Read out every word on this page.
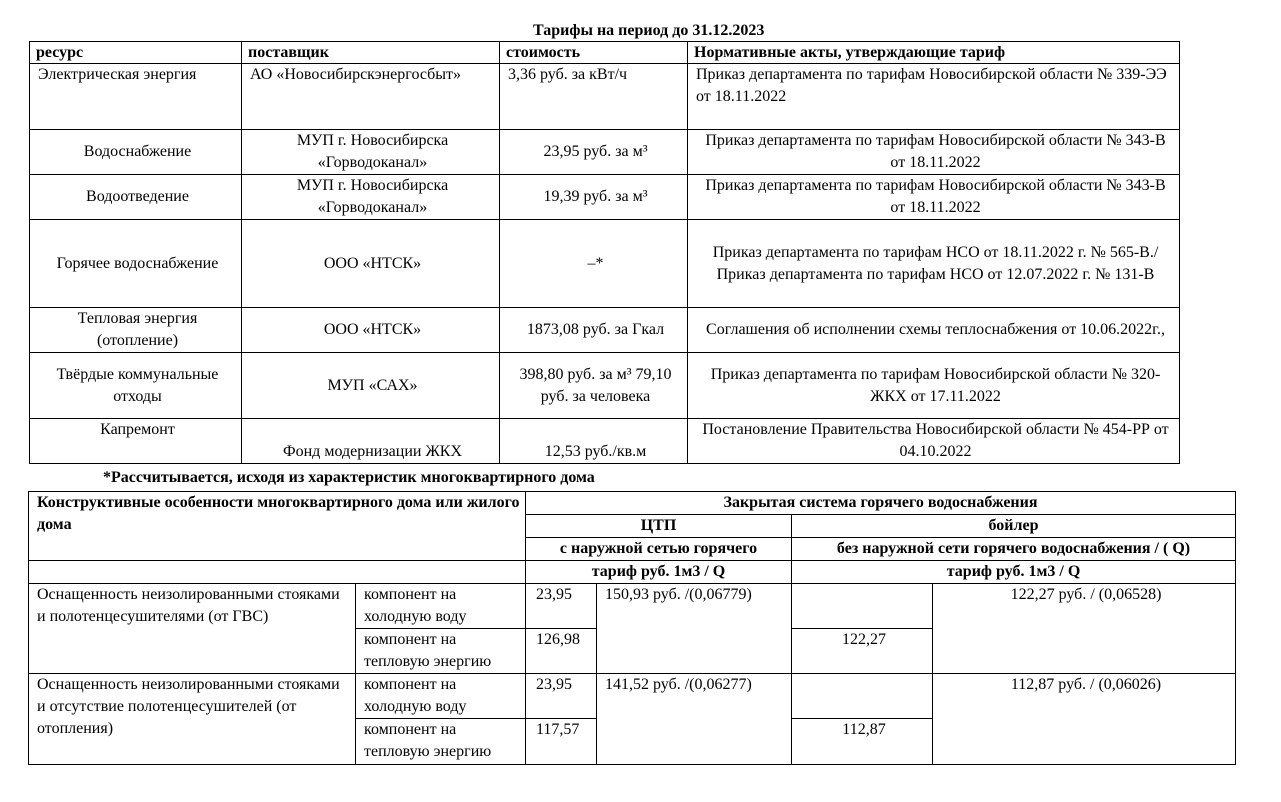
Тарифы на период до 31.12.2023
ресурс	поставщик	стоимость	Нормативные акты, утверждающие тариф
Электрическая энергия	АО «Новосибирскэнергосбыт»	3,36 руб. за кВт/ч	Приказ департамента по тарифам Новосибирской области № 339-ЭЭ от 18.11.2022
Водоснабжение	МУП г. Новосибирска «Горводоканал»	23,95 руб. за м³	Приказ департамента по тарифам Новосибирской области № 343-В от 18.11.2022
Водоотведение	МУП г. Новосибирска «Горводоканал»	19,39 руб. за м³	Приказ департамента по тарифам Новосибирской области № 343-В от 18.11.2022
Горячее водоснабжение	ООО «НТСК»	–*	Приказ департамента по тарифам НСО от 18.11.2022 г. № 565-В./Приказ департамента по тарифам НСО от 12.07.2022 г. № 131-В
Тепловая энергия (отопление)	ООО «НТСК»	1873,08 руб. за Гкал	Соглашения об исполнении схемы теплоснабжения от 10.06.2022г.,
Твёрдые коммунальные отходы	МУП «САХ»	398,80 руб. за м³ 79,10 руб. за человека	Приказ департамента по тарифам Новосибирской области № 320-ЖКХ от 17.11.2022
Капремонт	Фонд модернизации ЖКХ	12,53 руб./кв.м	Постановление Правительства Новосибирской области № 454-РР от 04.10.2022
*Рассчитывается, исходя из характеристик многоквартирного дома
Конструктивные особенности многоквартирного дома или жилого дома		Закрытая система горячего водоснабжения			
		ЦТП		бойлер	
		с наружной сетью горячего		без наружной сети горячего водоснабжения / ( Q)	
		тариф руб. 1м3 / Q		тариф руб. 1м3 / Q	
Оснащенность неизолированными стояками и полотенцесушителями (от ГВС)	компонент на холодную воду	23,95	150,93 руб. /(0,06779)		122,27 руб. / (0,06528)
	компонент на тепловую энергию	126,98		122,27	
Оснащенность неизолированными стояками и отсутствие полотенцесушителей (от отопления)	компонент на холодную воду	23,95	141,52 руб. /(0,06277)		112,87 руб. / (0,06026)
	компонент на тепловую энергию	117,57		112,87	
